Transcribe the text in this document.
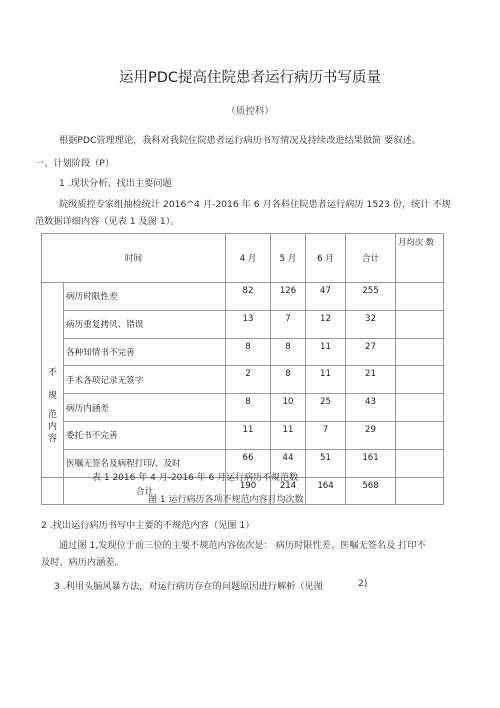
运用PDC提高住院患者运行病历书写质量
（质控科）
根据PDC管理理论，我科对我院住院患者运行病历书写情况及持续改进结果做简 要叙述。
一、计划阶段（P）
1 .现状分析、找出主要问题
院级质控专家组抽检统计 2016^4 月-2016 年 6 月各科住院患者运行病历 1523 份，统计 不规
范数据详细内容（见表 1 及图 1）。
时间		4 月	5 月	6 月	合计	月均次 数

不
规
范
内
容	病历时限性差	82	126	47	255	
	病历重复拷贝、错误	13	7	12	32	
	各种知情书不完善	8	8	11	27	
	手术各项记录无签字	2	8	11	21	
	病历内涵差	8	10	25	43	
	委托书不完善	11	11	7	29	
	医嘱无签名及病程打印/、及时	66	44	51	161	
	合计	190	214	164	568	
表 1 2016 年 4 月-2016 年 6 月运行病历不规范数
图 1 运行病历各项不规范内容月均次数
2 .找出运行病历书写中主要的不规范内容（见图 1）
通过图 1,发现位于前三位的主要不规范内容依次是： 病历时限性差、医嘱无签名及 打印不
及时、病历内涵差。
3 .利用头脑风暴方法，对运行病历存在的问题原因进行解析（见图	2)
